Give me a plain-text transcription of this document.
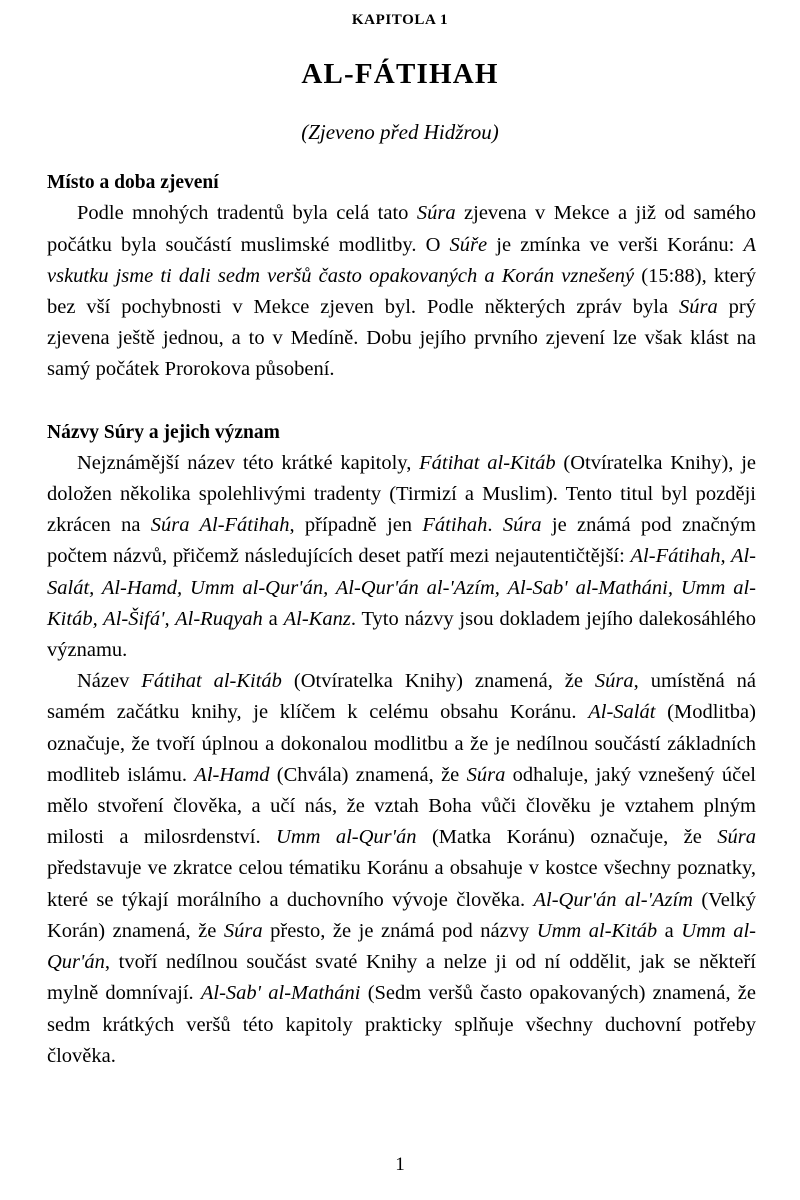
KAPITOLA 1
AL-FÁTIHAH
(Zjeveno před Hidžrou)
Místo a doba zjevení

Podle mnohých tradentů byla celá tato Súra zjevena v Mekce a již od samého počátku byla součástí muslimské modlitby. O Súře je zmínka ve verši Koránu: A vskutku jsme ti dali sedm veršů často opakovaných a Korán vznešený (15:88), který bez vší pochybnosti v Mekce zjeven byl. Podle některých zpráv byla Súra prý zjevena ještě jednou, a to v Medíně. Dobu jejího prvního zjevení lze však klást na samý počátek Prorokova působení.

Názvy Súry a jejich význam

Nejznámější název této krátké kapitoly, Fátihat al-Kitáb (Otvíratelka Knihy), je doložen několika spolehlivými tradenty (Tirmizí a Muslim). Tento titul byl později zkrácen na Súra Al-Fátihah, případně jen Fátihah. Súra je známá pod značným počtem názvů, přičemž následujících deset patří mezi nejautentičtější: Al-Fátihah, Al-Salát, Al-Hamd, Umm al-Qur'án, Al-Qur'án al-'Azím, Al-Sab' al-Matháni, Umm al-Kitáb, Al-Šifá', Al-Ruqyah a Al-Kanz. Tyto názvy jsou dokladem jejího dalekosáhlého významu.

Název Fátihat al-Kitáb (Otvíratelka Knihy) znamená, že Súra, umístěná ná samém začátku knihy, je klíčem k celému obsahu Koránu. Al-Salát (Modlitba) označuje, že tvoří úplnou a dokonalou modlitbu a že je nedílnou součástí základních modliteb islámu. Al-Hamd (Chvála) znamená, že Súra odhaluje, jaký vznešený účel mělo stvoření člověka, a učí nás, že vztah Boha vůči člověku je vztahem plným milosti a milosrdenství. Umm al-Qur'án (Matka Koránu) označuje, že Súra představuje ve zkratce celou tématiku Koránu a obsahuje v kostce všechny poznatky, které se týkají morálního a duchovního vývoje člověka. Al-Qur'án al-'Azím (Velký Korán) znamená, že Súra přesto, že je známá pod názvy Umm al-Kitáb a Umm al-Qur'án, tvoří nedílnou součást svaté Knihy a nelze ji od ní oddělit, jak se někteří mylně domnívají. Al-Sab' al-Matháni (Sedm veršů často opakovaných) znamená, že sedm krátkých veršů této kapitoly prakticky splňuje všechny duchovní potřeby člověka.

1
